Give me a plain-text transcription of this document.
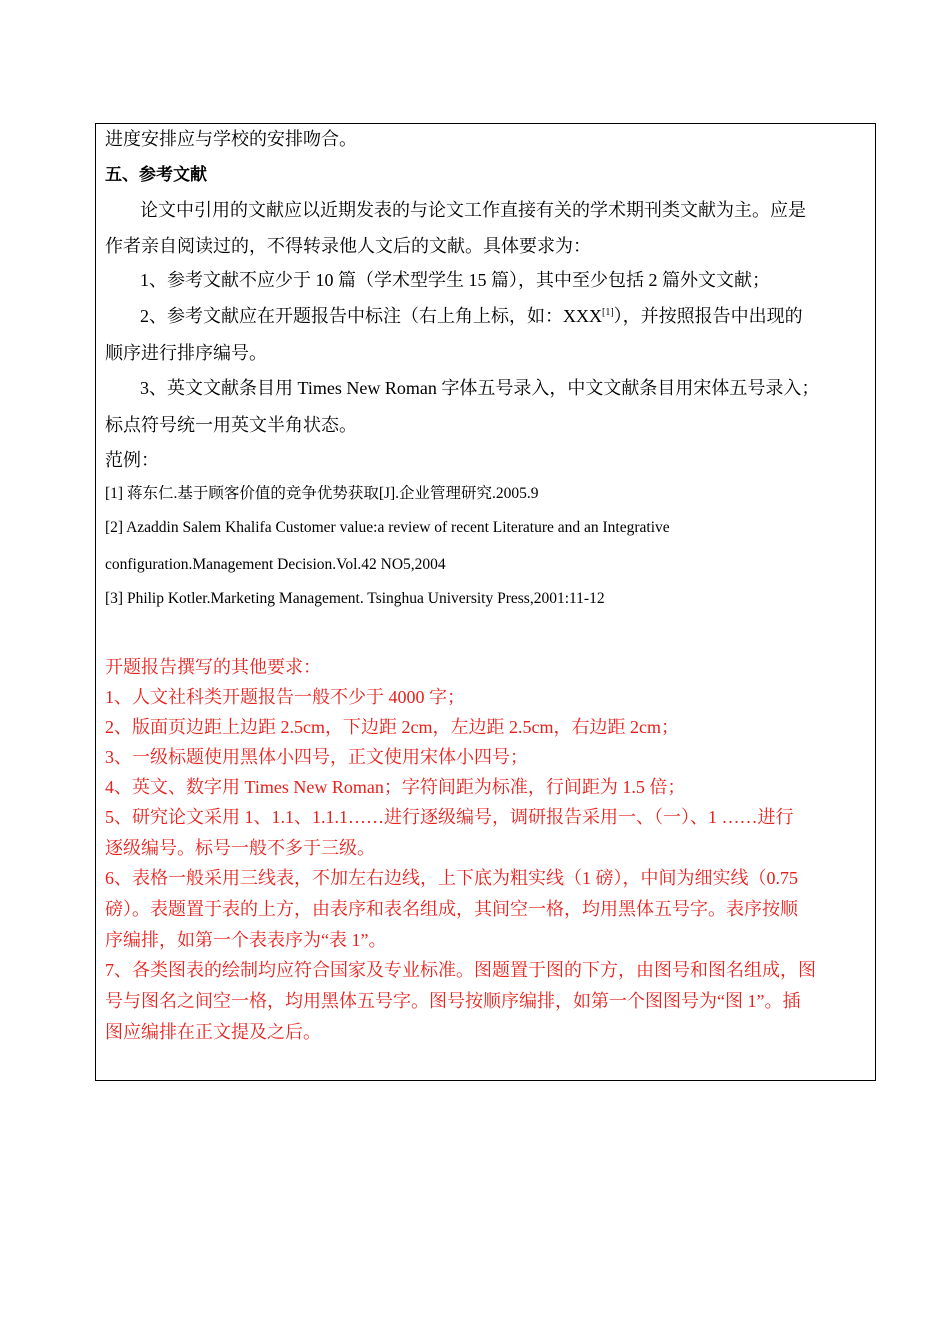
进度安排应与学校的安排吻合。
五、参考文献
论文中引用的文献应以近期发表的与论文工作直接有关的学术期刊类文献为主。应是
作者亲自阅读过的，不得转录他人文后的文献。具体要求为：
1、参考文献不应少于 10 篇（学术型学生 15 篇），其中至少包括 2 篇外文文献；
2、参考文献应在开题报告中标注（右上角上标，如：XXX[1]），并按照报告中出现的
顺序进行排序编号。
3、英文文献条目用 Times New Roman 字体五号录入，中文文献条目用宋体五号录入；
标点符号统一用英文半角状态。
范例：
[1] 蒋东仁.基于顾客价值的竞争优势获取[J].企业管理研究.2005.9
[2] Azaddin Salem Khalifa Customer value:a review of recent Literature and an Integrative
configuration.Management Decision.Vol.42 NO5,2004
[3] Philip Kotler.Marketing Management. Tsinghua University Press,2001:11-12
开题报告撰写的其他要求：
1、人文社科类开题报告一般不少于 4000 字；
2、版面页边距上边距 2.5cm，下边距 2cm，左边距 2.5cm，右边距 2cm；
3、一级标题使用黑体小四号，正文使用宋体小四号；
4、英文、数字用 Times New Roman；字符间距为标准，行间距为 1.5 倍；
5、研究论文采用 1、1.1、1.1.1……进行逐级编号，调研报告采用一、（一）、1 ……进行
逐级编号。标号一般不多于三级。
6、表格一般采用三线表，不加左右边线，上下底为粗实线（1 磅），中间为细实线（0.75
磅）。表题置于表的上方，由表序和表名组成，其间空一格，均用黑体五号字。表序按顺
序编排，如第一个表表序为“表 1”。
7、各类图表的绘制均应符合国家及专业标准。图题置于图的下方，由图号和图名组成，图
号与图名之间空一格，均用黑体五号字。图号按顺序编排，如第一个图图号为“图 1”。插
图应编排在正文提及之后。
